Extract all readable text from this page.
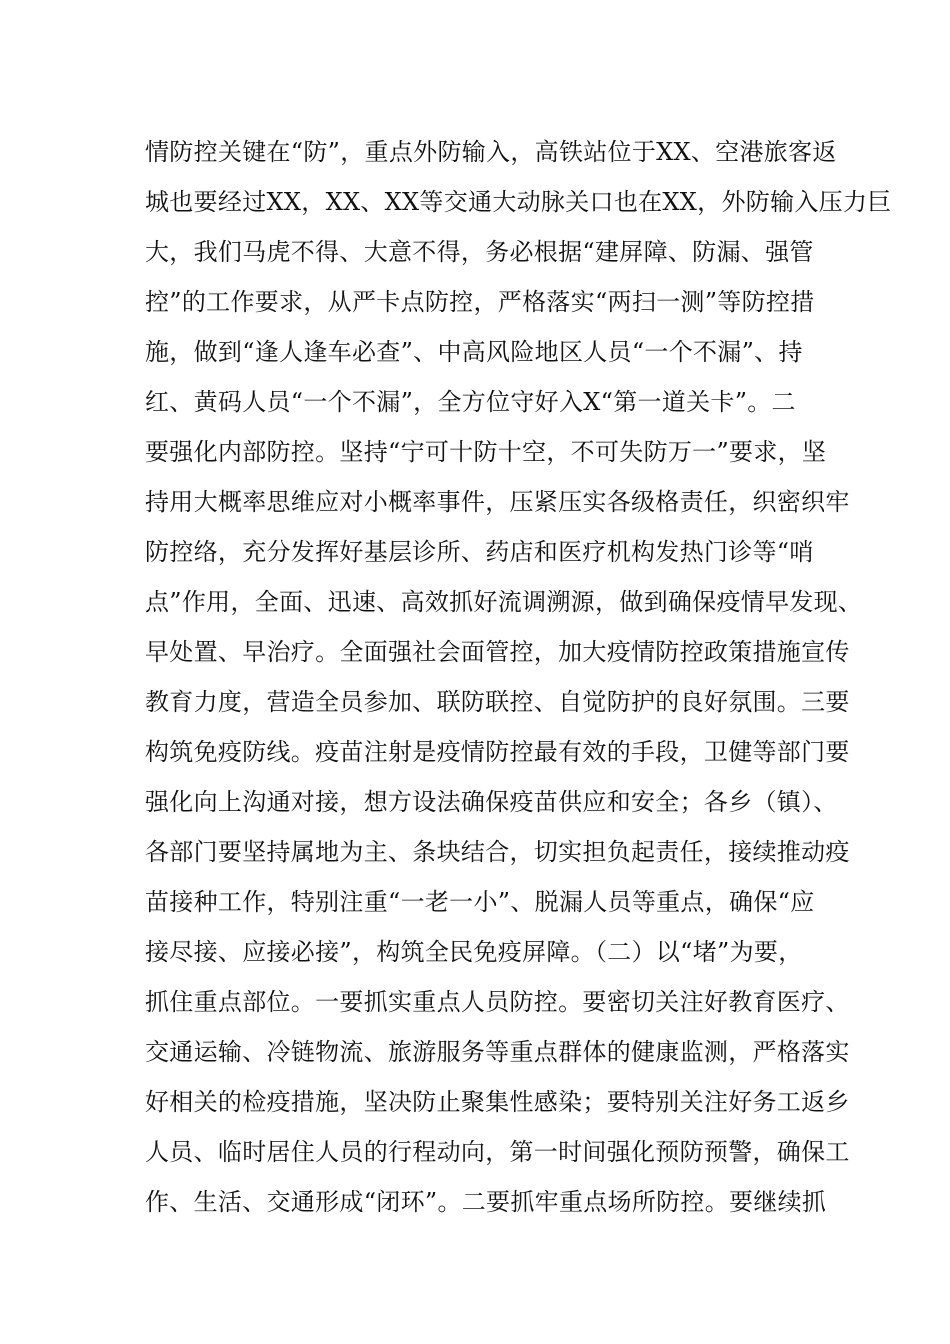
情防控关键在“防”，重点外防输入，高铁站位于XX、空港旅客返
城也要经过XX，XX、XX等交通大动脉关口也在XX，外防输入压力巨
大，我们马虎不得、大意不得，务必根据“建屏障、防漏、强管
控”的工作要求，从严卡点防控，严格落实“两扫一测”等防控措
施，做到“逢人逢车必查”、中高风险地区人员“一个不漏”、持
红、黄码人员“一个不漏”，全方位守好入X“第一道关卡”。二
要强化内部防控。坚持“宁可十防十空，不可失防万一”要求，坚
持用大概率思维应对小概率事件，压紧压实各级格责任，织密织牢
防控络，充分发挥好基层诊所、药店和医疗机构发热门诊等“哨
点”作用，全面、迅速、高效抓好流调溯源，做到确保疫情早发现、
早处置、早治疗。全面强社会面管控，加大疫情防控政策措施宣传
教育力度，营造全员参加、联防联控、自觉防护的良好氛围。三要
构筑免疫防线。疫苗注射是疫情防控最有效的手段，卫健等部门要
强化向上沟通对接，想方设法确保疫苗供应和安全；各乡（镇）、
各部门要坚持属地为主、条块结合，切实担负起责任，接续推动疫
苗接种工作，特别注重“一老一小”、脱漏人员等重点，确保“应
接尽接、应接必接”，构筑全民免疫屏障。（二）以“堵”为要，
抓住重点部位。一要抓实重点人员防控。要密切关注好教育医疗、
交通运输、冷链物流、旅游服务等重点群体的健康监测，严格落实
好相关的检疫措施，坚决防止聚集性感染；要特别关注好务工返乡
人员、临时居住人员的行程动向，第一时间强化预防预警，确保工
作、生活、交通形成“闭环”。二要抓牢重点场所防控。要继续抓
